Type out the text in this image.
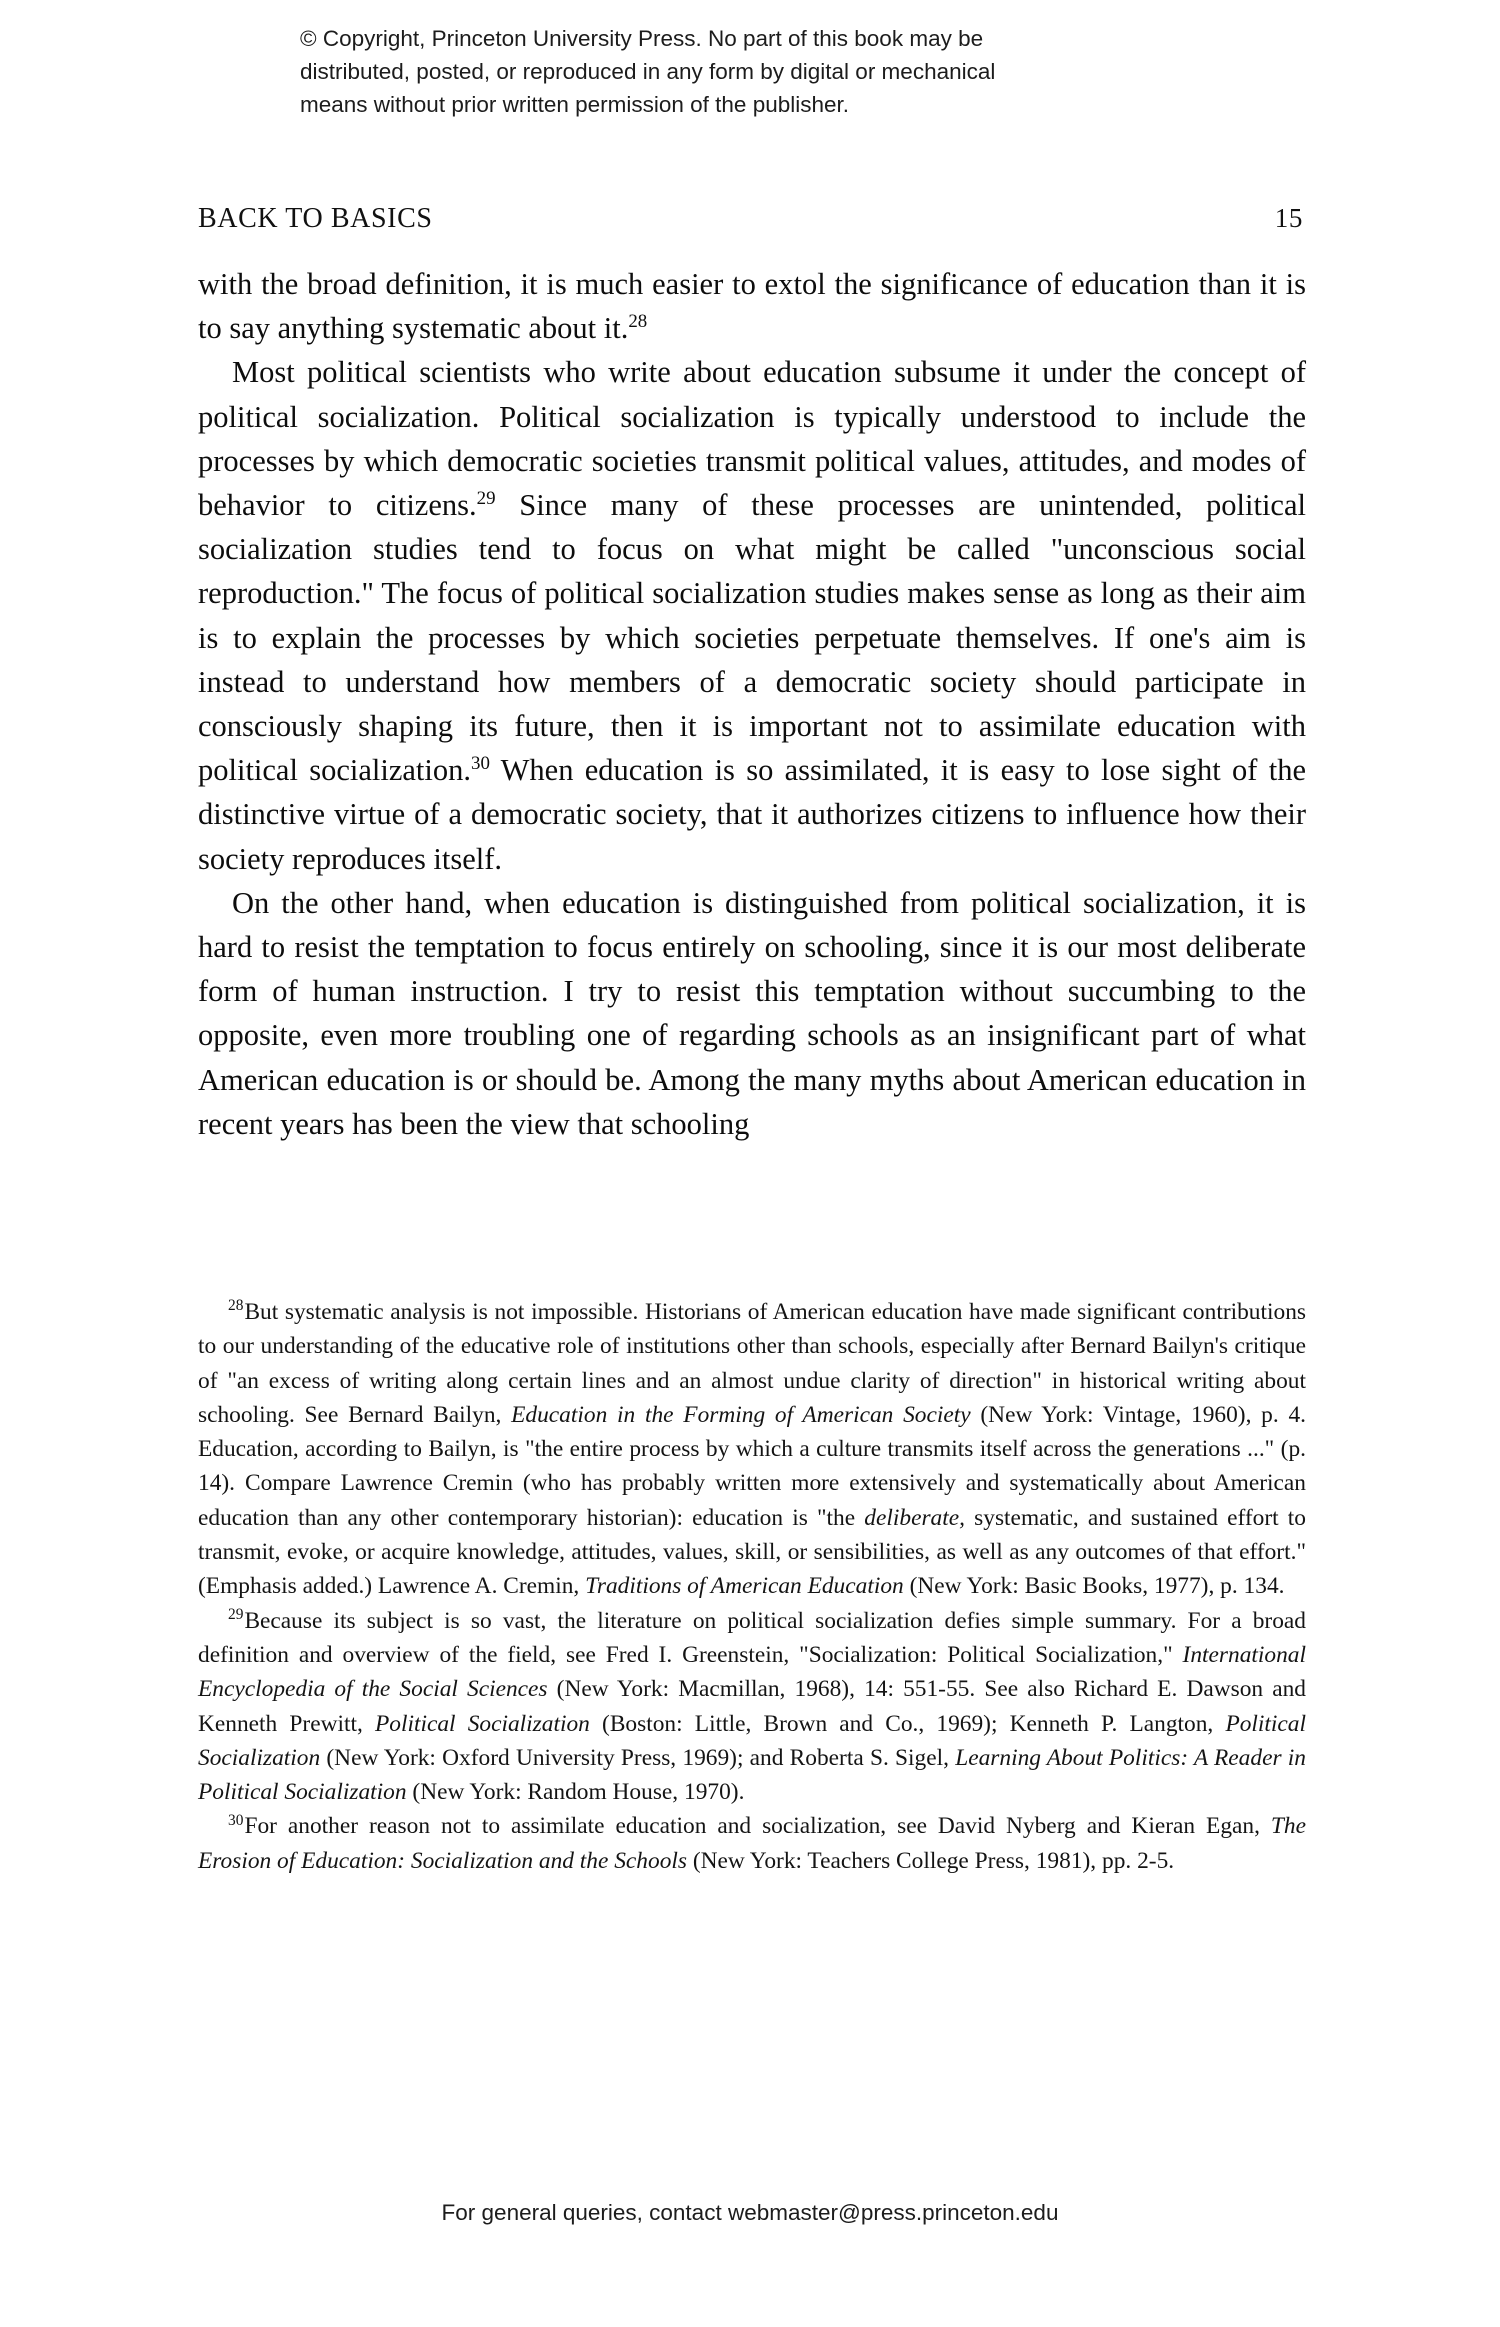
© Copyright, Princeton University Press. No part of this book may be
distributed, posted, or reproduced in any form by digital or mechanical
means without prior written permission of the publisher.
BACK TO BASICS	15

with the broad definition, it is much easier to extol the significance of education than it is to say anything systematic about it.$^{28}$

Most political scientists who write about education subsume it under the concept of political socialization. Political socialization is typically understood to include the processes by which democratic societies transmit political values, attitudes, and modes of behavior to citizens.$^{29}$ Since many of these processes are unintended, political socialization studies tend to focus on what might be called "unconscious social reproduction." The focus of political socialization studies makes sense as long as their aim is to explain the processes by which societies perpetuate themselves. If one's aim is instead to understand how members of a democratic society should participate in consciously shaping its future, then it is important not to assimilate education with political socialization.$^{30}$ When education is so assimilated, it is easy to lose sight of the distinctive virtue of a democratic society, that it authorizes citizens to influence how their society reproduces itself.

On the other hand, when education is distinguished from political socialization, it is hard to resist the temptation to focus entirely on schooling, since it is our most deliberate form of human instruction. I try to resist this temptation without succumbing to the opposite, even more troubling one of regarding schools as an insignificant part of what American education is or should be. Among the many myths about American education in recent years has been the view that schooling

$^{28}$But systematic analysis is not impossible. Historians of American education have made significant contributions to our understanding of the educative role of institutions other than schools, especially after Bernard Bailyn's critique of "an excess of writing along certain lines and an almost undue clarity of direction" in historical writing about schooling. See Bernard Bailyn, Education in the Forming of American Society (New York: Vintage, 1960), p. 4. Education, according to Bailyn, is "the entire process by which a culture transmits itself across the generations ..." (p. 14). Compare Lawrence Cremin (who has probably written more extensively and systematically about American education than any other contemporary historian): education is "the deliberate, systematic, and sustained effort to transmit, evoke, or acquire knowledge, attitudes, values, skill, or sensibilities, as well as any outcomes of that effort." (Emphasis added.) Lawrence A. Cremin, Traditions of American Education (New York: Basic Books, 1977), p. 134.

$^{29}$Because its subject is so vast, the literature on political socialization defies simple summary. For a broad definition and overview of the field, see Fred I. Greenstein, "Socialization: Political Socialization," International Encyclopedia of the Social Sciences (New York: Macmillan, 1968), 14: 551-55. See also Richard E. Dawson and Kenneth Prewitt, Political Socialization (Boston: Little, Brown and Co., 1969); Kenneth P. Langton, Political Socialization (New York: Oxford University Press, 1969); and Roberta S. Sigel, Learning About Politics: A Reader in Political Socialization (New York: Random House, 1970).

$^{30}$For another reason not to assimilate education and socialization, see David Nyberg and Kieran Egan, The Erosion of Education: Socialization and the Schools (New York: Teachers College Press, 1981), pp. 2-5.

For general queries, contact webmaster@press.princeton.edu
